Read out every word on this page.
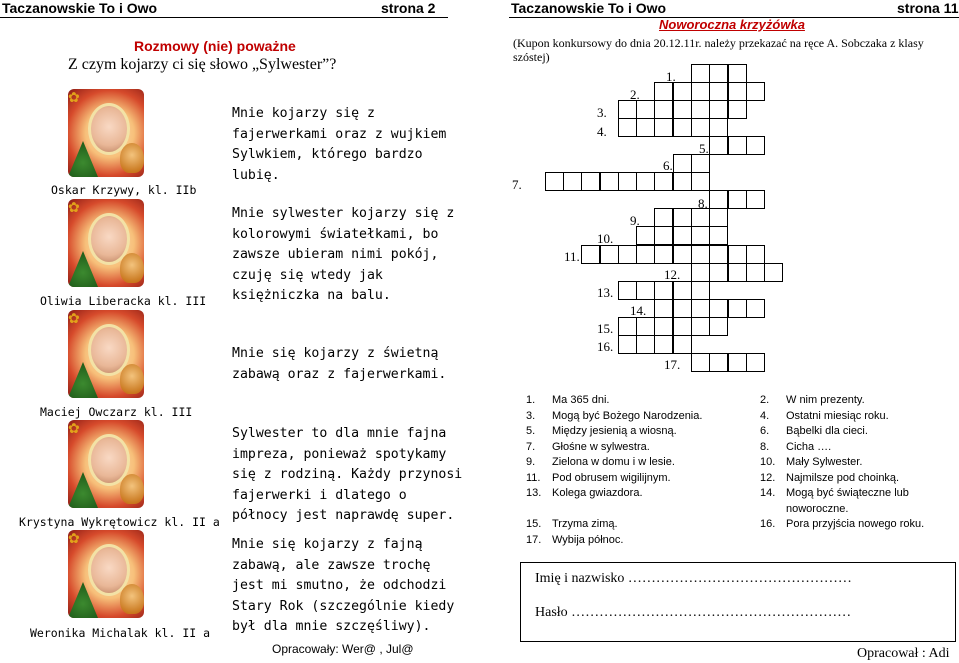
Taczanowskie To i Owo	strona 2
Rozmowy (nie) poważne
Z czym kojarzy ci się słowo „Sylwester”?
✿
✿
✿
✿
✿
Oskar Krzywy, kl. IIb
Oliwia Liberacka kl. III
Maciej Owczarz kl. III
Krystyna Wykrętowicz kl. II a
Weronika Michalak kl. II a
Mnie kojarzy się z
fajerwerkami oraz z wujkiem
Sylwkiem, którego bardzo
lubię.
Mnie sylwester kojarzy się z
kolorowymi światełkami, bo
zawsze ubieram nimi pokój,
czuję się wtedy jak
księżniczka na balu.
Mnie się kojarzy z świetną
zabawą oraz z fajerwerkami.
Sylwester to dla mnie fajna
impreza, ponieważ spotykamy
się z rodziną. Każdy przynosi
fajerwerki i dlatego o
północy jest naprawdę super.
Mnie się kojarzy z fajną
zabawą, ale zawsze trochę
jest mi smutno, że odchodzi
Stary Rok (szczególnie kiedy
był dla mnie szczęśliwy).
Opracowały: Wer@ , Jul@
Taczanowskie To i Owo	strona 11
Noworoczna krzyżówka
(Kupon konkursowy do dnia 20.12.11r. należy przekazać na ręce A. Sobczaka z klasy szóstej)
1.
2.
3.
4.
5.
6.
7.
8.
9.
10.
11.
12.
13.
14.
15.
16.
17.
1. Ma 365 dni.
3. Mogą być Bożego Narodzenia.
5. Między jesienią a wiosną.
7. Głośne w sylwestra.
9. Zielona w domu i w lesie.
11. Pod obrusem wigilijnym.
13. Kolega gwiazdora.
15. Trzyma zimą.
17. Wybija północ.
2. W nim prezenty.
4. Ostatni miesiąc roku.
6. Bąbelki dla cieci.
8. Cicha ….
10. Mały Sylwester.
12. Najmilsze pod choinką.
14. Mogą być świąteczne lub
noworoczne.
16. Pora przyjścia nowego roku.
Imię i nazwisko …………………………………………
Hasło ……………………………………………………
Opracował : Adi
